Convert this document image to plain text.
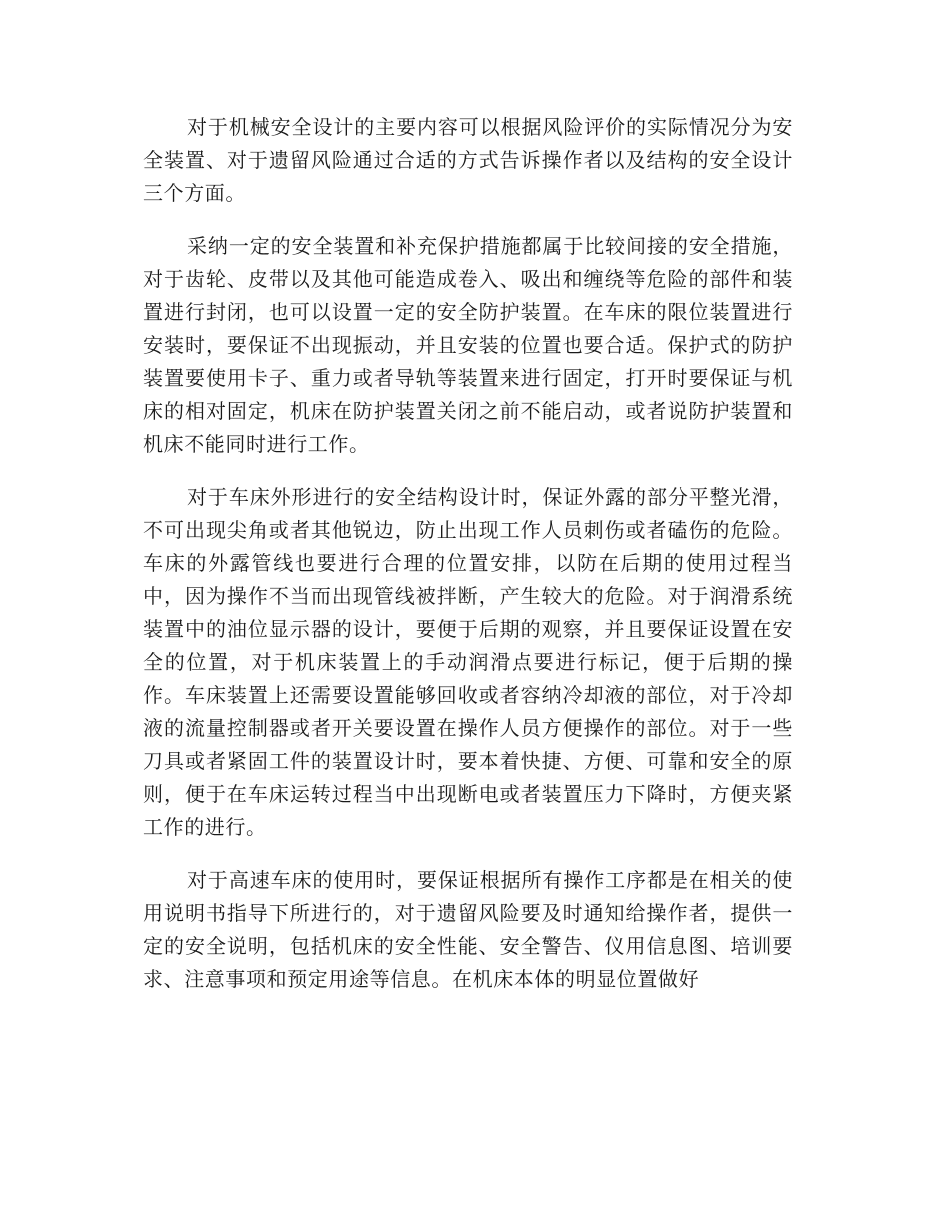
对于机械安全设计的主要内容可以根据风险评价的实际情况分为安全装置、对于遗留风险通过合适的方式告诉操作者以及结构的安全设计三个方面。

采纳一定的安全装置和补充保护措施都属于比较间接的安全措施，对于齿轮、皮带以及其他可能造成卷入、吸出和缠绕等危险的部件和装置进行封闭，也可以设置一定的安全防护装置。在车床的限位装置进行安装时，要保证不出现振动，并且安装的位置也要合适。保护式的防护装置要使用卡子、重力或者导轨等装置来进行固定，打开时要保证与机床的相对固定，机床在防护装置关闭之前不能启动，或者说防护装置和机床不能同时进行工作。

对于车床外形进行的安全结构设计时，保证外露的部分平整光滑，不可出现尖角或者其他锐边，防止出现工作人员刺伤或者磕伤的危险。车床的外露管线也要进行合理的位置安排，以防在后期的使用过程当中，因为操作不当而出现管线被拌断，产生较大的危险。对于润滑系统装置中的油位显示器的设计，要便于后期的观察，并且要保证设置在安全的位置，对于机床装置上的手动润滑点要进行标记，便于后期的操作。车床装置上还需要设置能够回收或者容纳冷却液的部位，对于冷却液的流量控制器或者开关要设置在操作人员方便操作的部位。对于一些刀具或者紧固工件的装置设计时，要本着快捷、方便、可靠和安全的原则，便于在车床运转过程当中出现断电或者装置压力下降时，方便夹紧工作的进行。

对于高速车床的使用时，要保证根据所有操作工序都是在相关的使用说明书指导下所进行的，对于遗留风险要及时通知给操作者，提供一定的安全说明，包括机床的安全性能、安全警告、仪用信息图、培训要求、注意事项和预定用途等信息。在机床本体的明显位置做好
